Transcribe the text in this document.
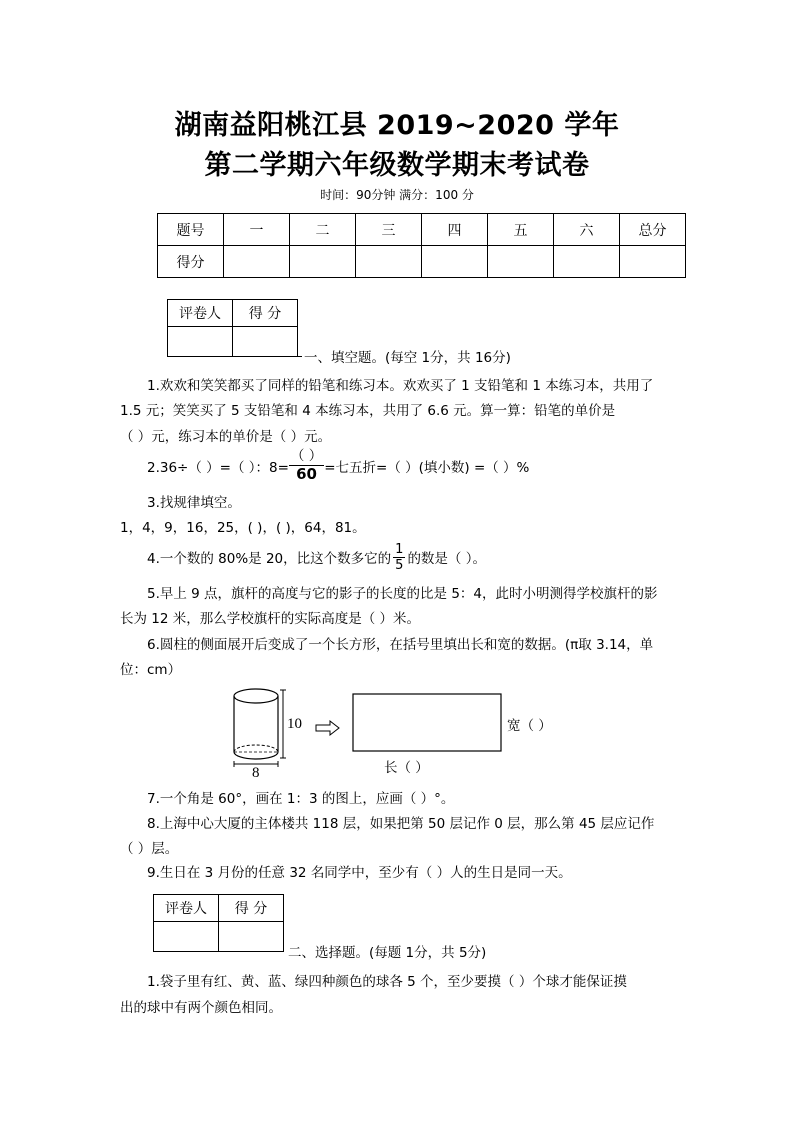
湖南益阳桃江县 2019~2020 学年
第二学期六年级数学期末考试卷
时间：90分钟 满分：100 分
题号	一	二	三	四	五	六	总分
得分							
评卷人	得 分

一、填空题。(每空 1分，共 16分)
1.欢欢和笑笑都买了同样的铅笔和练习本。欢欢买了 1 支铅笔和 1 本练习本，共用了
1.5 元；笑笑买了 5 支铅笔和 4 本练习本，共用了 6.6 元。算一算：铅笔的单价是
（ ）元，练习本的单价是（ ）元。
2.36÷（ ）=（ ）：$8= \frac{( )}{60}$ =七五折=（ ）(填小数) =（ ）%
3.找规律填空。
1，4，9，16，25，( )，( )，64，81。
4.一个数的 80%是 20，比这个数多它的 $\frac{1}{5}$ 的数是（ ）。
5.早上 9 点，旗杆的高度与它的影子的长度的比是 5：4，此时小明测得学校旗杆的影
长为 12 米，那么学校旗杆的实际高度是（ ）米。
6.圆柱的侧面展开后变成了一个长方形，在括号里填出长和宽的数据。(π取 3.14，单
位：cm）
10
8
宽（ ）
长（ ）
7.一个角是 60°，画在 1：3 的图上，应画（ ）°。
8.上海中心大厦的主体楼共 118 层，如果把第 50 层记作 0 层，那么第 45 层应记作
（ ）层。
9.生日在 3 月份的任意 32 名同学中，至少有（ ）人的生日是同一天。
评卷人	得 分

二、选择题。(每题 1分，共 5分)
1.袋子里有红、黄、蓝、绿四种颜色的球各 5 个，至少要摸（ ）个球才能保证摸
出的球中有两个颜色相同。
